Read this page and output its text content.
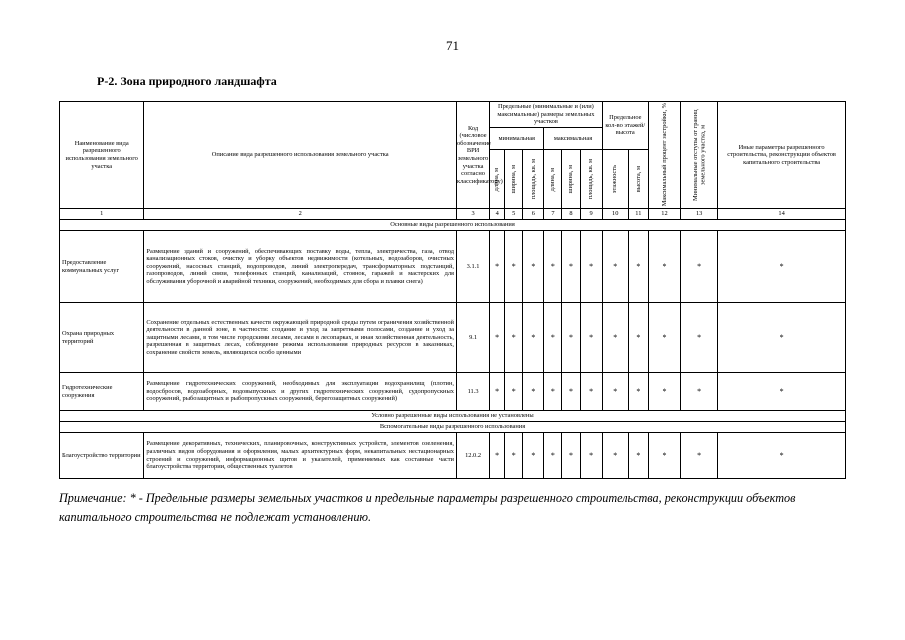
71
Р-2. Зона природного ландшафта
Наименование вида разрешенного использования земельного участка	Описание вида разрешенного использования земельного участка	Код (числовое обозначение ВРИ земельного участка согласно классификатору)	Предельные (минимальные и (или) максимальные) размеры земельных участков						Предельное кол-во этажей/ высота		Максимальный процент застройки, %	Минимальные отступы от границ земельного участка, м	Иные параметры разрешенного строительства, реконструкции объектов капитального строительства
			минимальная			максимальная							

			длина, м	ширина, м	площадь, кв. м	длина, м	ширина, м	площадь, кв. м	этажность	высота, м			

1	2	3	4	5	6	7	8	9	10	11	12	13	14
Основные виды разрешенного использования													
Предоставление коммунальных услуг	Размещение зданий и сооружений, обеспечивающих поставку воды, тепла, электричества, газа, отвод канализационных стоков, очистку и уборку объектов недвижимости (котельных, водозаборов, очистных сооружений, насосных станций, водопроводов, линий электропередач, трансформаторных подстанций, газопроводов, линий связи, телефонных станций, канализаций, стоянок, гаражей и мастерских для обслуживания уборочной и аварийной техники, сооружений, необходимых для сбора и плавки снега)	3.1.1	*	*	*	*	*	*	*	*	*	*	*
Охрана природных территорий	Сохранение отдельных естественных качеств окружающей природной среды путем ограничения хозяйственной деятельности в данной зоне, в частности: создание и уход за запретными полосами, создание и уход за защитными лесами, в том числе городскими лесами, лесами в лесопарках, и иная хозяйственная деятельность, разрешенная в защитных лесах, соблюдение режима использования природных ресурсов в заказниках, сохранение свойств земель, являющихся особо ценными	9.1	*	*	*	*	*	*	*	*	*	*	*
Гидротехнические сооружения	Размещение гидротехнических сооружений, необходимых для эксплуатации водохранилищ (плотин, водосбросов, водозаборных, водовыпускных и других гидротехнических сооружений, судопропускных сооружений, рыбозащитных и рыбопропускных сооружений, берегозащитных сооружений)	11.3	*	*	*	*	*	*	*	*	*	*	*
Условно разрешенные виды использования не установлены													
Вспомогательные виды разрешенного использования													
Благоустройство территории	Размещение декоративных, технических, планировочных, конструктивных устройств, элементов озеленения, различных видов оборудования и оформления, малых архитектурных форм, некапитальных нестационарных строений и сооружений, информационных щитов и указателей, применяемых как составные части благоустройства территории, общественных туалетов	12.0.2	*	*	*	*	*	*	*	*	*	*	*
Примечание: * - Предельные размеры земельных участков и предельные параметры разрешенного строительства, реконструкции объектов капитального строительства не подлежат установлению.
